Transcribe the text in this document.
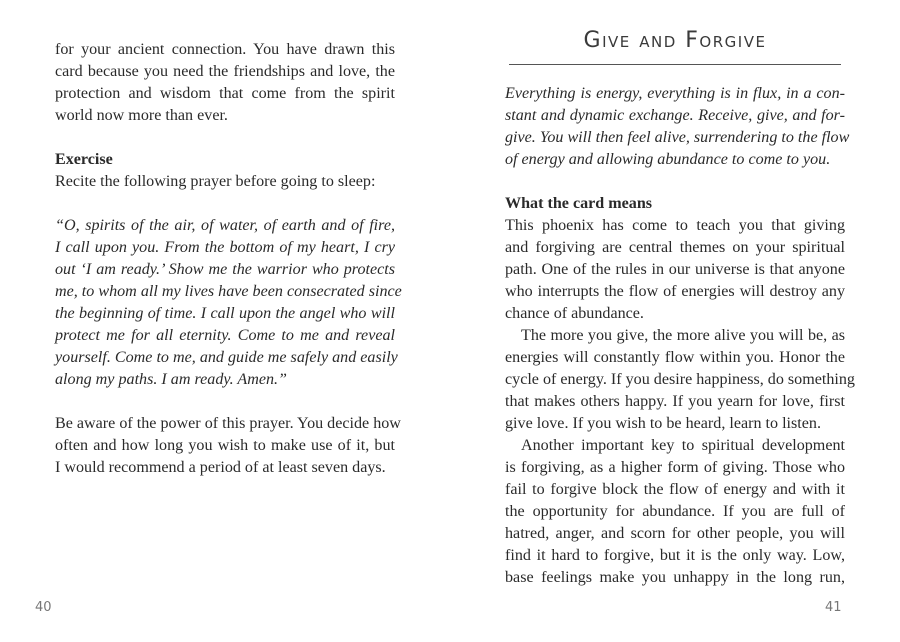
for your ancient connection. You have drawn this
card because you need the friendships and love, the
protection and wisdom that come from the spirit
world now more than ever.
Exercise
Recite the following prayer before going to sleep:
“O, spirits of the air, of water, of earth and of fire,
I call upon you. From the bottom of my heart, I cry
out ‘I am ready.’ Show me the warrior who protects
me, to whom all my lives have been consecrated since
the beginning of time. I call upon the angel who will
protect me for all eternity. Come to me and reveal
yourself. Come to me, and guide me safely and easily
along my paths. I am ready. Amen.”
Be aware of the power of this prayer. You decide how
often and how long you wish to make use of it, but
I would recommend a period of at least seven days.
40
Give and Forgive
Everything is energy, everything is in flux, in a con-
stant and dynamic exchange. Receive, give, and for-
give. You will then feel alive, surrendering to the flow
of energy and allowing abundance to come to you.
What the card means
This phoenix has come to teach you that giving
and forgiving are central themes on your spiritual
path. One of the rules in our universe is that anyone
who interrupts the flow of energies will destroy any
chance of abundance.
The more you give, the more alive you will be, as
energies will constantly flow within you. Honor the
cycle of energy. If you desire happiness, do something
that makes others happy. If you yearn for love, first
give love. If you wish to be heard, learn to listen.
Another important key to spiritual development
is forgiving, as a higher form of giving. Those who
fail to forgive block the flow of energy and with it
the opportunity for abundance. If you are full of
hatred, anger, and scorn for other people, you will
find it hard to forgive, but it is the only way. Low,
base feelings make you unhappy in the long run,
41
